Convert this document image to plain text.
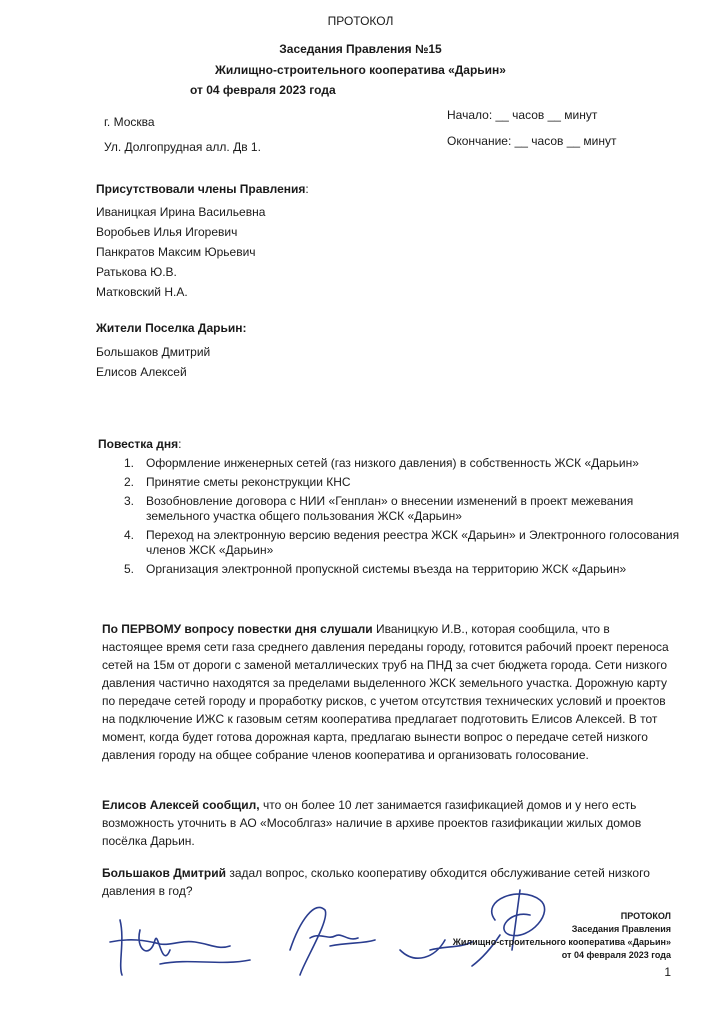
ПРОТОКОЛ
Заседания Правления №15
Жилищно-строительного кооператива «Дарьин»
от 04 февраля 2023 года
г. Москва
Ул. Долгопрудная алл. Дв 1.
Начало: __ часов __ минут
Окончание: __ часов __ минут
Присутствовали члены Правления:
Иваницкая Ирина Васильевна
Воробьев Илья Игоревич
Панкратов Максим Юрьевич
Ратькова Ю.В.
Матковский Н.А.
Жители Поселка Дарьин:
Большаков Дмитрий
Елисов Алексей
Повестка дня:
1. Оформление инженерных сетей (газ низкого давления) в собственность ЖСК «Дарьин»
2. Принятие сметы реконструкции КНС
3. Возобновление договора с НИИ «Генплан» о внесении изменений в проект межевания земельного участка общего пользования ЖСК «Дарьин»
4. Переход на электронную версию ведения реестра ЖСК «Дарьин» и Электронного голосования членов ЖСК «Дарьин»
5. Организация электронной пропускной системы въезда на территорию ЖСК «Дарьин»

По ПЕРВОМУ вопросу повестки дня слушали Иваницкую И.В., которая сообщила, что в настоящее время сети газа среднего давления переданы городу, готовится рабочий проект переноса сетей на 15м от дороги с заменой металлических труб на ПНД за счет бюджета города. Сети низкого давления частично находятся за пределами выделенного ЖСК земельного участка. Дорожную карту по передаче сетей городу и проработку рисков, с учетом отсутствия технических условий и проектов на подключение ИЖС к газовым сетям кооператива предлагает подготовить Елисов Алексей. В тот момент, когда будет готова дорожная карта, предлагаю вынести вопрос о передаче сетей низкого давления городу на общее собрание членов кооператива и организовать голосование.

Елисов Алексей сообщил, что он более 10 лет занимается газификацией домов и у него есть возможность уточнить в АО «Мособлгаз» наличие в архиве проектов газификации жилых домов посёлка Дарьин.

Большаков Дмитрий задал вопрос, сколько кооперативу обходится обслуживание сетей низкого давления в год?

ПРОТОКОЛ
Заседания Правления
Жилищно-строительного кооператива «Дарьин»
от 04 февраля 2023 года
1
